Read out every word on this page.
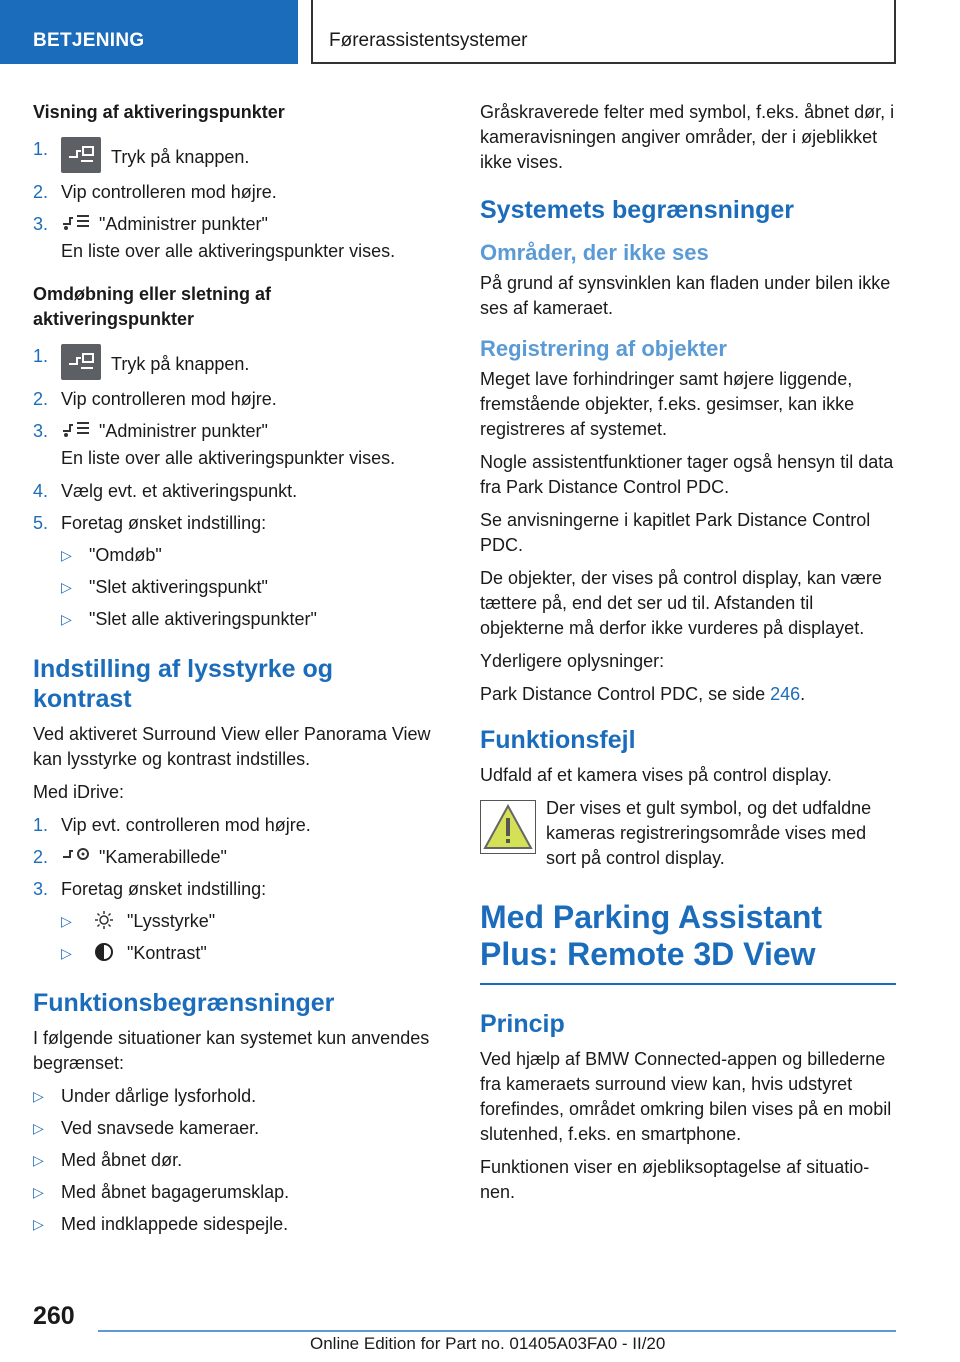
BETJENING	Førerassistentsystemer
Visning af aktiveringspunkter
1.	Tryk på knappen.
2. Vip controlleren mod højre.
3.	"Administrer punkter"
En liste over alle aktiveringspunkter vises.
Omdøbning eller sletning af aktiveringspunkter
1.	Tryk på knappen.
2. Vip controlleren mod højre.
3.	"Administrer punkter"
En liste over alle aktiveringspunkter vises.
4. Vælg evt. et aktiveringspunkt.
5. Foretag ønsket indstilling:
▷ "Omdøb"
▷ "Slet aktiveringspunkt"
▷ "Slet alle aktiveringspunkter"
Indstilling af lysstyrke og kontrast
Ved aktiveret Surround View eller Panorama View kan lysstyrke og kontrast indstilles.
Med iDrive:
1. Vip evt. controlleren mod højre.
2.	"Kamerabillede"
3. Foretag ønsket indstilling:
▷	"Lysstyrke"
▷	"Kontrast"
Funktionsbegrænsninger
I følgende situationer kan systemet kun anvendes begrænset:
▷ Under dårlige lysforhold.
▷ Ved snavsede kameraer.
▷ Med åbnet dør.
▷ Med åbnet bagagerumsklap.
▷ Med indklappede sidespejle.
Gråskraverede felter med symbol, f.eks. åbnet dør, i kameravisningen angiver områder, der i øjeblikket ikke vises.
Systemets begrænsninger
Områder, der ikke ses
På grund af synsvinklen kan fladen under bilen ikke ses af kameraet.
Registrering af objekter
Meget lave forhindringer samt højere liggende, fremstående objekter, f.eks. gesimser, kan ikke registreres af systemet.
Nogle assistentfunktioner tager også hensyn til data fra Park Distance Control PDC.
Se anvisningerne i kapitlet Park Distance Control PDC.
De objekter, der vises på control display, kan være tættere på, end det ser ud til. Afstanden til objekterne må derfor ikke vurderes på displayet.
Yderligere oplysninger:
Park Distance Control PDC, se side 246.
Funktionsfejl
Udfald af et kamera vises på control display.
Der vises et gult symbol, og det udfaldne kameras registreringsområde vises med sort på control display.
Med Parking Assistant Plus: Remote 3D View
Princip
Ved hjælp af BMW Connected-appen og billederne fra kameraets surround view kan, hvis udstyret forefindes, området omkring bilen vises på en mobil slutenhed, f.eks. en smartphone.
Funktionen viser en øjebliksoptagelse af situationen.
260
Online Edition for Part no. 01405A03FA0 - II/20
